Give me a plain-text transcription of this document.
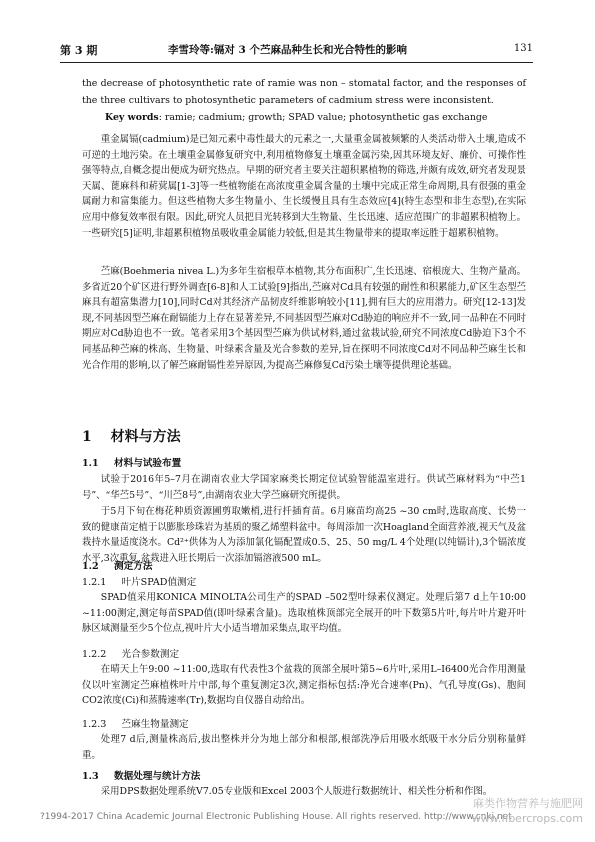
第 3 期	李雪玲等:镉对 3 个苎麻品种生长和光合特性的影响	131
the decrease of photosynthetic rate of ramie was non – stomatal factor, and the responses of the three cultivars to photosynthetic parameters of cadmium stress were inconsistent.
Key words: ramie; cadmium; growth; SPAD value; photosynthetic gas exchange
重金属镉(cadmium)是已知元素中毒性最大的元素之一,大量重金属被频繁的人类活动带入土壤,造成不可逆的土地污染。在土壤重金属修复研究中,利用植物修复土壤重金属污染,因其环境友好、廉价、可操作性强等特点,自概念提出便成为研究热点。早期的研究者主要关注超积累植物的筛选,并颇有成效,研究者发现景天属、蓖麻科和菥蓂属[1-3]等一些植物能在高浓度重金属含量的土壤中完成正常生命周期,具有很强的重金属耐力和富集能力。但这些植物大多生物量小、生长缓慢且具有生态效应[4](特生态型和非生态型),在实际应用中修复效率很有限。因此,研究人员把目光转移到大生物量、生长迅速、适应范围广的非超累积植物上。一些研究[5]证明,非超累积植物虽吸收重金属能力较低,但是其生物量带来的提取率远胜于超累积植物。
苎麻(Boehmeria nivea L.)为多年生宿根草本植物,其分布面积广,生长迅速、宿根庞大、生物产量高。多省近20个矿区进行野外调查[6-8]和人工试验[9]指出,苎麻对Cd具有较强的耐性和积累能力,矿区生态型苎麻具有超富集潜力[10],同时Cd对其经济产品韧皮纤维影响较小[11],拥有巨大的应用潜力。研究[12-13]发现,不同基因型苎麻在耐镉能力上存在显著差异,不同基因型苎麻对Cd胁迫的响应并不一致,同一品种在不同时期应对Cd胁迫也不一致。笔者采用3个基因型苎麻为供试材料,通过盆栽试验,研究不同浓度Cd胁迫下3个不同基品种苎麻的株高、生物量、叶绿素含量及光合参数的差异,旨在探明不同浓度Cd对不同品种苎麻生长和光合作用的影响,以了解苎麻耐镉性差异原因,为提高苎麻修复Cd污染土壤等提供理论基础。
1 材料与方法
1.1 材料与试验布置
试验于2016年5–7月在湖南农业大学国家麻类长期定位试验智能温室进行。供试苎麻材料为“中苎1号”、“华苎5号”、“川苎8号”,由湖南农业大学苎麻研究所提供。
于5月下旬在梅花种质资源圃剪取嫩梢,进行扦插育苗。6月麻苗均高25 ~30 cm时,选取高度、长势一致的健康苗定植于以膨胀珍珠岩为基质的聚乙烯塑料盆中。每周添加一次Hoagland全面营养液,视天气及盆栽持水量适度浇水。Cd²⁺供体为人为添加氯化镉配置成0.5、25、50 mg/L 4个处理(以纯镉计),3个镉浓度水平,3次重复,盆栽进入旺长期后一次添加镉溶液500 mL。
1.2 测定方法
1.2.1 叶片SPAD值测定
SPAD值采用KONICA MINOLTA公司生产的SPAD –502型叶绿素仪测定。处理后第7 d上午10:00 ~11:00测定,测定每苗SPAD值(即叶绿素含量)。选取植株顶部完全展开的叶下数第5片叶,每片叶片避开叶脉区域测量至少5个位点,视叶片大小适当增加采集点,取平均值。
1.2.2 光合参数测定
在晴天上午9:00 ~11:00,选取有代表性3个盆栽的顶部全展叶第5~6片叶,采用L–I6400光合作用测量仪以叶室测定苎麻植株叶片中部,每个重复测定3次,测定指标包括:净光合速率(Pn)、气孔导度(Gs)、胞间CO2浓度(Ci)和蒸腾速率(Tr),数据均自仪器自动给出。
1.2.3 苎麻生物量测定
处理7 d后,测量株高后,拔出整株并分为地上部分和根部,根部洗净后用吸水纸吸干水分后分别称量鲜重。
1.3 数据处理与统计方法
采用DPS数据处理系统V7.05专业版和Excel 2003个人版进行数据统计、相关性分析和作图。
?1994-2017 China Academic Journal Electronic Publishing House. All rights reserved. http://www.cnki.net
麻类作物营养与施肥网
www.fibercrops.com
